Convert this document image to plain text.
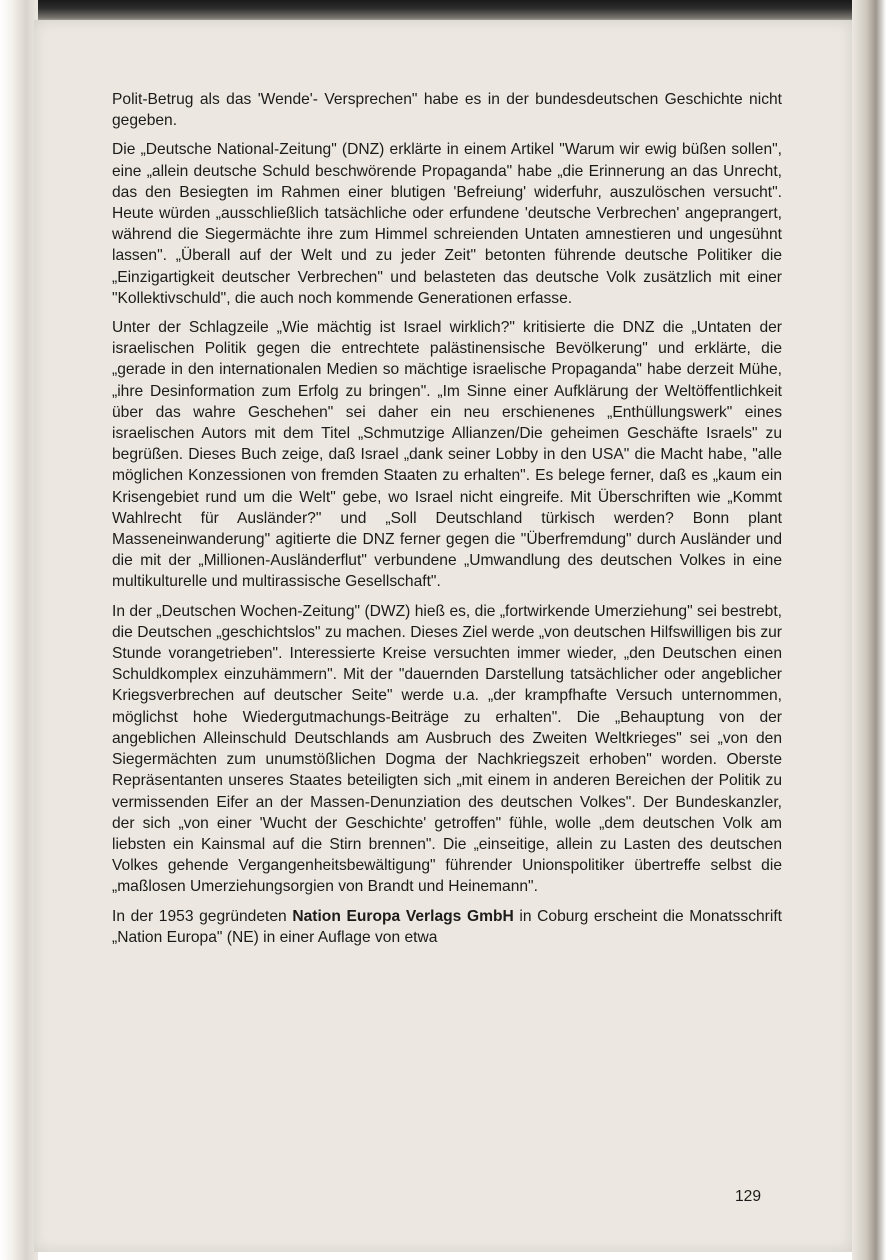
Polit-Betrug als das 'Wende'- Versprechen" habe es in der bundesdeutschen Geschichte nicht gegeben.

Die „Deutsche National-Zeitung" (DNZ) erklärte in einem Artikel "Warum wir ewig büßen sollen", eine „allein deutsche Schuld beschwörende Propaganda" habe „die Erinnerung an das Unrecht, das den Besiegten im Rahmen einer blutigen 'Befreiung' widerfuhr, auszulöschen versucht". Heute würden „ausschließlich tatsächliche oder erfundene 'deutsche Verbrechen' angeprangert, während die Siegermächte ihre zum Himmel schreienden Untaten amnestieren und ungesühnt lassen". „Überall auf der Welt und zu jeder Zeit" betonten führende deutsche Politiker die „Einzigartigkeit deutscher Verbrechen" und belasteten das deutsche Volk zusätzlich mit einer "Kollektivschuld", die auch noch kommende Generationen erfasse.

Unter der Schlagzeile „Wie mächtig ist Israel wirklich?" kritisierte die DNZ die „Untaten der israelischen Politik gegen die entrechtete palästinensische Bevölkerung" und erklärte, die „gerade in den internationalen Medien so mächtige israelische Propaganda" habe derzeit Mühe, „ihre Desinformation zum Erfolg zu bringen". „Im Sinne einer Aufklärung der Weltöffentlichkeit über das wahre Geschehen" sei daher ein neu erschienenes „Enthüllungswerk" eines israelischen Autors mit dem Titel „Schmutzige Allianzen/Die geheimen Geschäfte Israels" zu begrüßen. Dieses Buch zeige, daß Israel „dank seiner Lobby in den USA" die Macht habe, "alle möglichen Konzessionen von fremden Staaten zu erhalten". Es belege ferner, daß es „kaum ein Krisengebiet rund um die Welt" gebe, wo Israel nicht eingreife. Mit Überschriften wie „Kommt Wahlrecht für Ausländer?" und „Soll Deutschland türkisch werden? Bonn plant Masseneinwanderung" agitierte die DNZ ferner gegen die "Überfremdung" durch Ausländer und die mit der „Millionen-Ausländerflut" verbundene „Umwandlung des deutschen Volkes in eine multikulturelle und multirassische Gesellschaft".

In der „Deutschen Wochen-Zeitung" (DWZ) hieß es, die „fortwirkende Umerziehung" sei bestrebt, die Deutschen „geschichtslos" zu machen. Dieses Ziel werde „von deutschen Hilfswilligen bis zur Stunde vorangetrieben". Interessierte Kreise versuchten immer wieder, „den Deutschen einen Schuldkomplex einzuhämmern". Mit der "dauernden Darstellung tatsächlicher oder angeblicher Kriegsverbrechen auf deutscher Seite" werde u.a. „der krampfhafte Versuch unternommen, möglichst hohe Wiedergutmachungs-Beiträge zu erhalten". Die „Behauptung von der angeblichen Alleinschuld Deutschlands am Ausbruch des Zweiten Weltkrieges" sei „von den Siegermächten zum unumstößlichen Dogma der Nachkriegszeit erhoben" worden. Oberste Repräsentanten unseres Staates beteiligten sich „mit einem in anderen Bereichen der Politik zu vermissenden Eifer an der Massen-Denunziation des deutschen Volkes". Der Bundeskanzler, der sich „von einer 'Wucht der Geschichte' getroffen" fühle, wolle „dem deutschen Volk am liebsten ein Kainsmal auf die Stirn brennen". Die „einseitige, allein zu Lasten des deutschen Volkes gehende Vergangenheitsbewältigung" führender Unionspolitiker übertreffe selbst die „maßlosen Umerziehungsorgien von Brandt und Heinemann".

In der 1953 gegründeten Nation Europa Verlags GmbH in Coburg erscheint die Monatsschrift „Nation Europa" (NE) in einer Auflage von etwa

129
